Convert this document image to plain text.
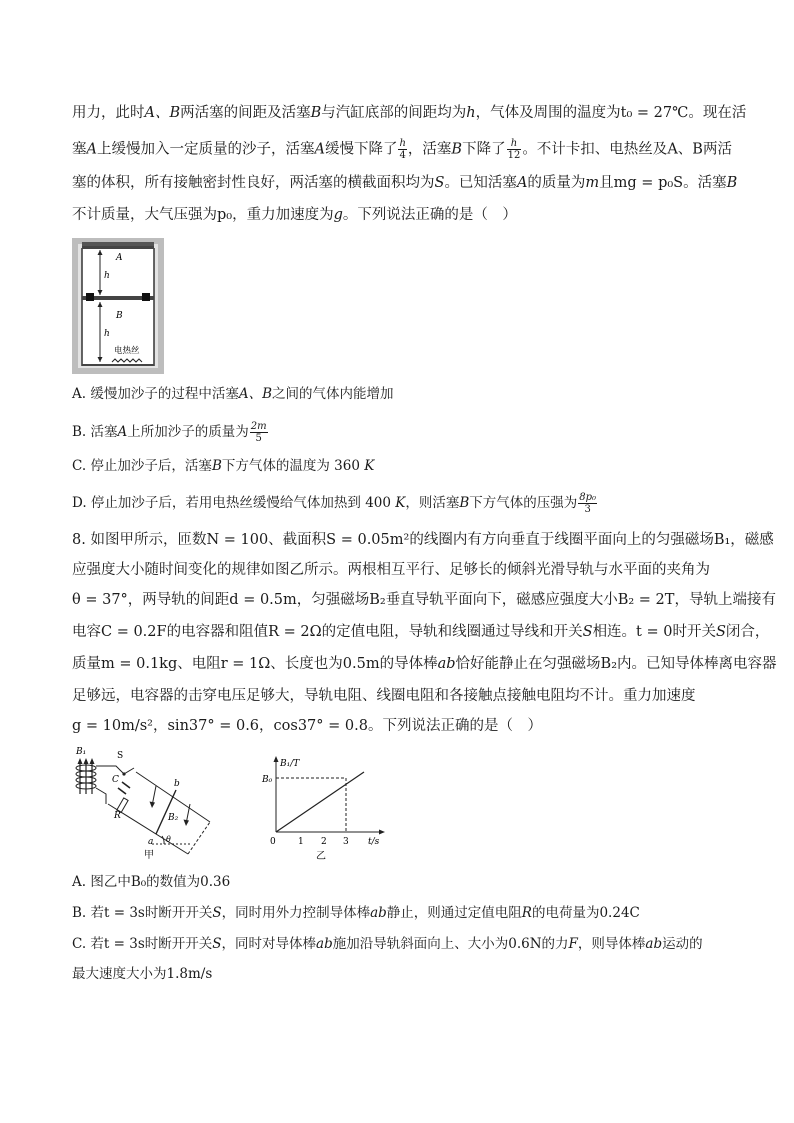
用力，此时A、B两活塞的间距及活塞B与汽缸底部的间距均为h，气体及周围的温度为t₀ = 27℃。现在活
塞A上缓慢加入一定质量的沙子，活塞A缓慢下降了 $\frac{h}{4}$ ，活塞B下降了 $\frac{h}{12}$ 。不计卡扣、电热丝及A、B两活
塞的体积，所有接触密封性良好，两活塞的横截面积均为S。已知活塞A的质量为m且mg = p₀S。活塞B
不计质量，大气压强为p₀，重力加速度为g。下列说法正确的是（　）
A
h
B
h
电热丝
A. 缓慢加沙子的过程中活塞A、B之间的气体内能增加
B. 活塞A上所加沙子的质量为 $\frac{2m}{5}$
C. 停止加沙子后，活塞B下方气体的温度为 360 K
D. 停止加沙子后，若用电热丝缓慢给气体加热到 400 K，则活塞B下方气体的压强为 $\frac{\text{8p₀}}{3}$
8. 如图甲所示，匝数N = 100、截面积S = 0.05m²的线圈内有方向垂直于线圈平面向上的匀强磁场B₁，磁感
应强度大小随时间变化的规律如图乙所示。两根相互平行、足够长的倾斜光滑导轨与水平面的夹角为
θ = 37°，两导轨的间距d = 0.5m，匀强磁场B₂垂直导轨平面向下，磁感应强度大小B₂ = 2T，导轨上端接有
电容C = 0.2F的电容器和阻值R = 2Ω的定值电阻，导轨和线圈通过导线和开关S相连。t = 0时开关S闭合，
质量m = 0.1kg、电阻r = 1Ω、长度也为0.5m的导体棒ab恰好能静止在匀强磁场B₂内。已知导体棒离电容器
足够远，电容器的击穿电压足够大，导轨电阻、线圈电阻和各接触点接触电阻均不计。重力加速度
g = 10m/s²，sin37° = 0.6，cos37° = 0.8。下列说法正确的是（　）
B₁	S
C
R
b
a
B₂
θ
甲
B₁/T
B₀
t/s
0 1 2 3
乙
A. 图乙中B₀的数值为0.36
B. 若t = 3s时断开开关S，同时用外力控制导体棒ab静止，则通过定值电阻R的电荷量为0.24C
C. 若t = 3s时断开开关S，同时对导体棒ab施加沿导轨斜面向上、大小为0.6N的力F，则导体棒ab运动的
最大速度大小为1.8m/s
